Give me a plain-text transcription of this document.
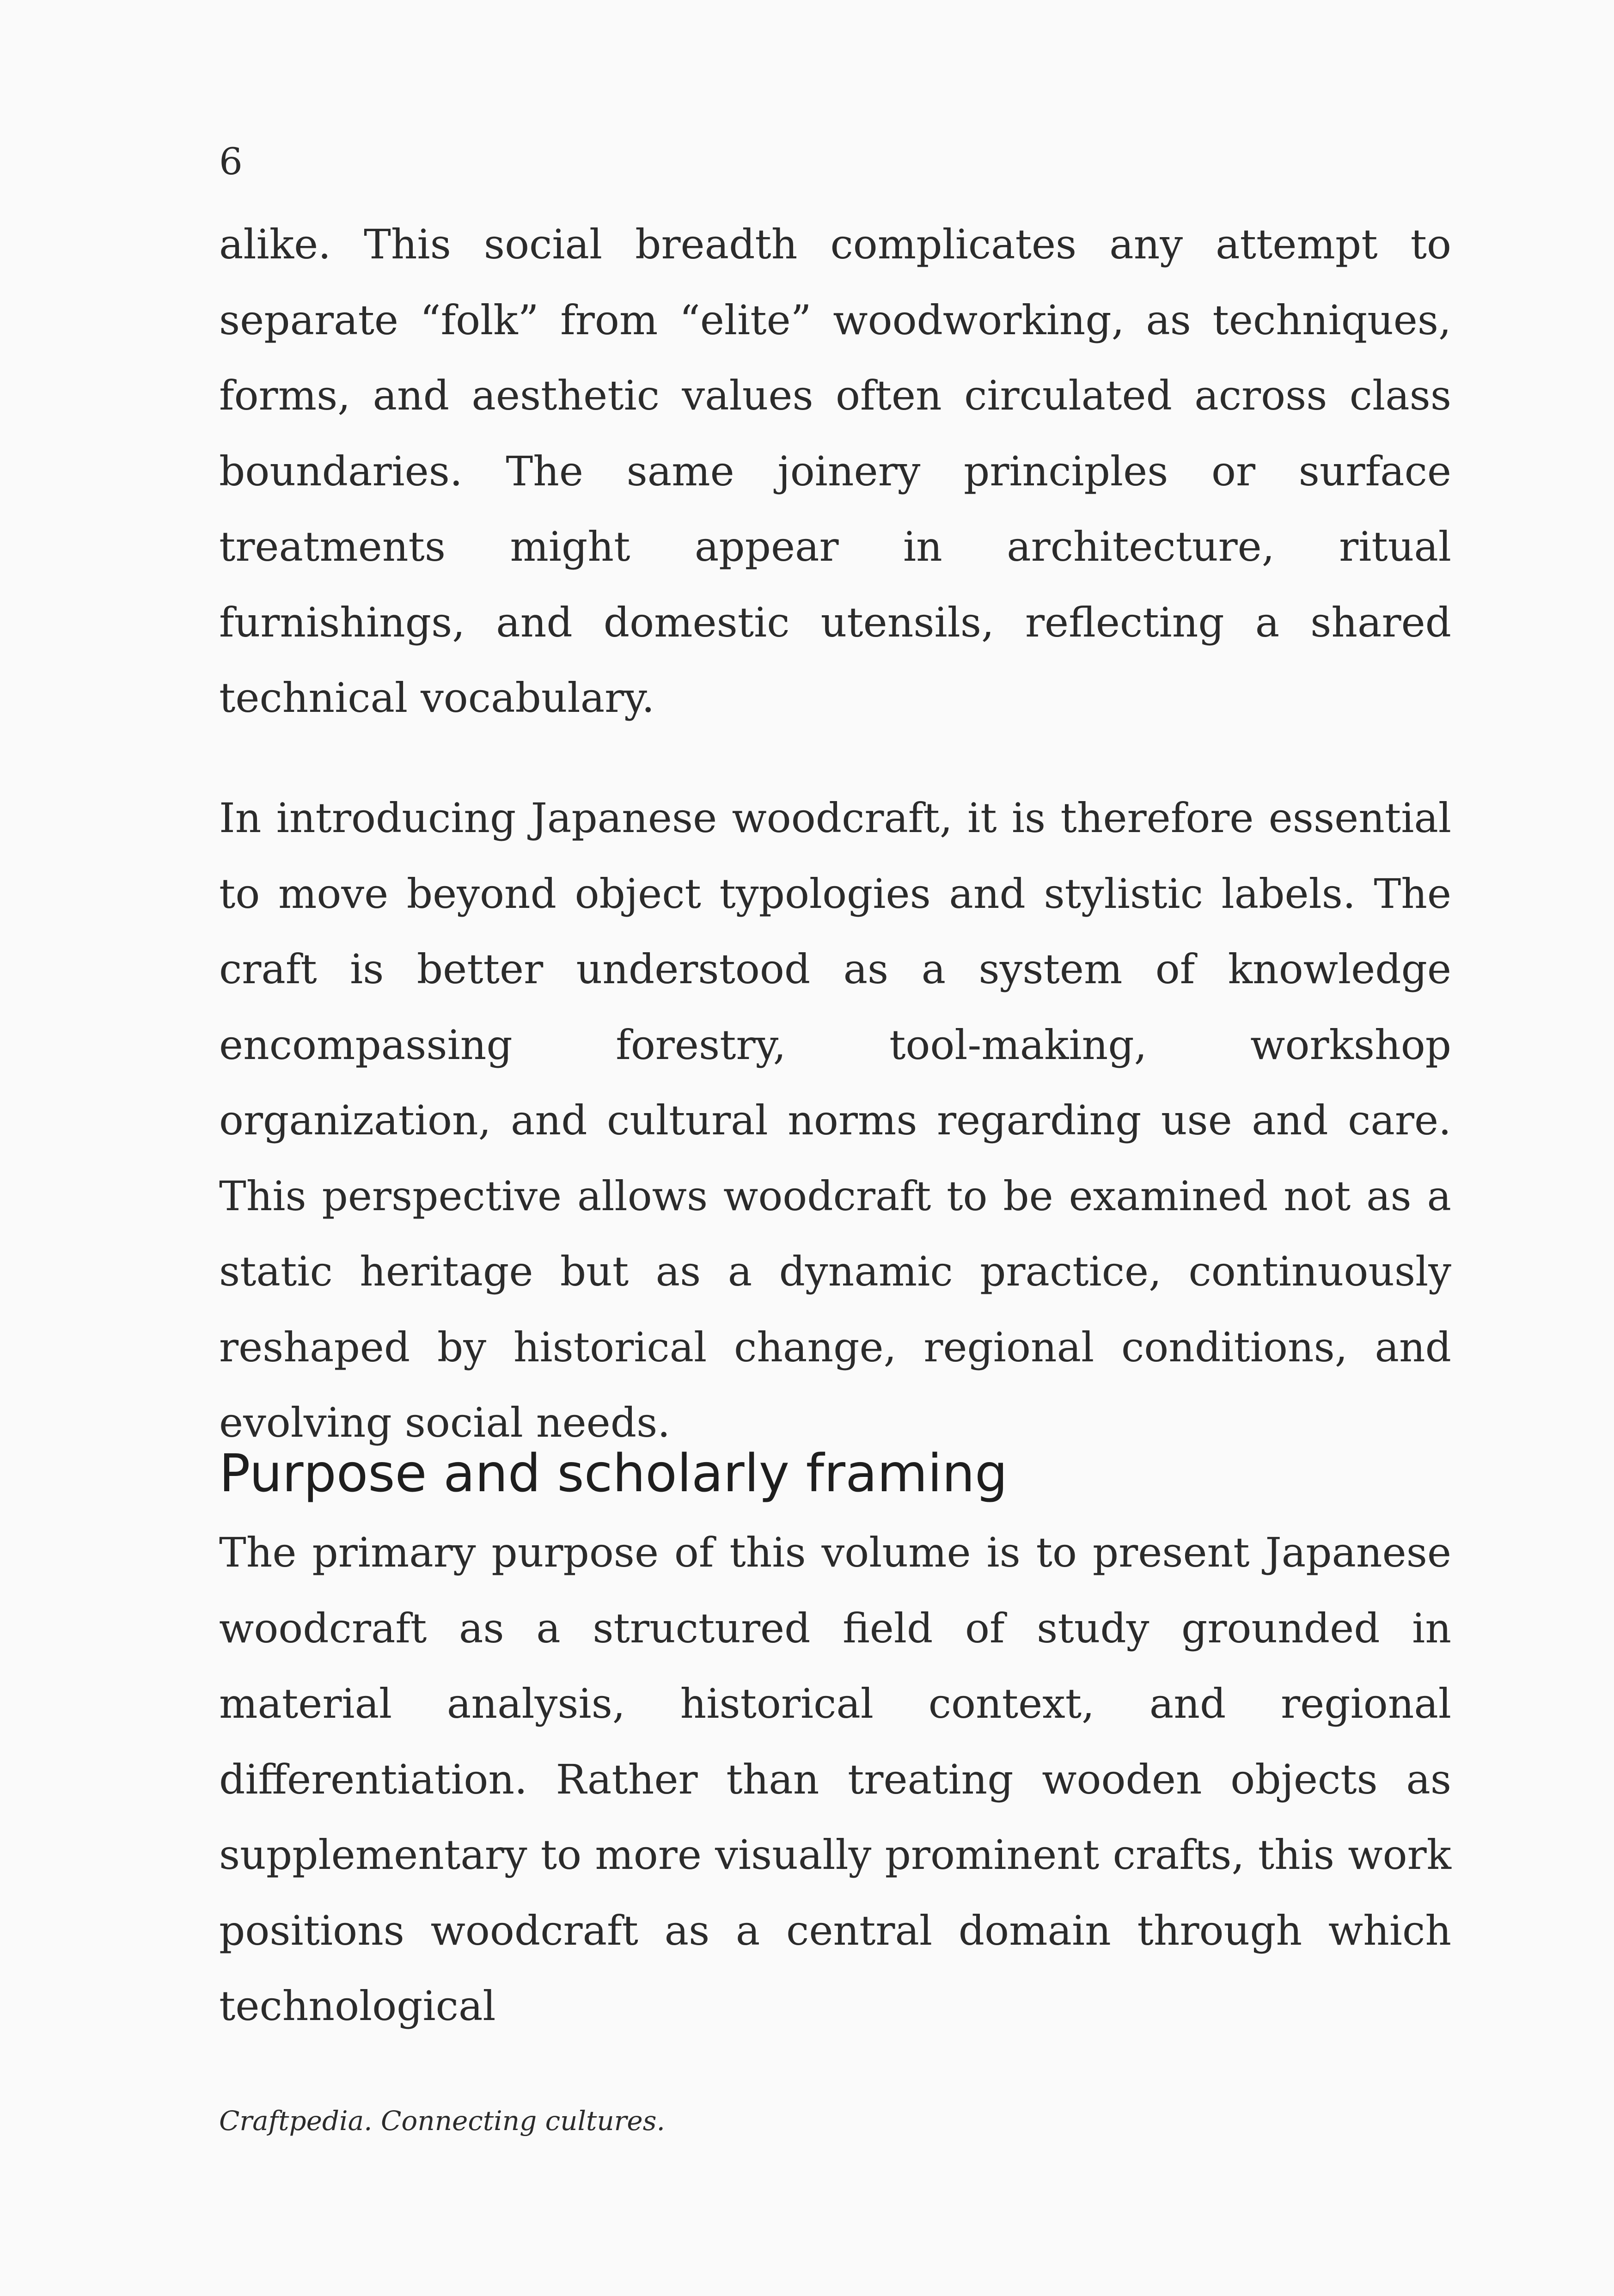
6

alike. This social breadth complicates any attempt to separate “folk” from “elite” woodworking, as techniques, forms, and aesthetic values often circulated across class boundaries. The same joinery principles or surface treatments might appear in architecture, ritual furnishings, and domestic utensils, reflecting a shared technical vocabulary.

In introducing Japanese woodcraft, it is therefore essential to move beyond object typologies and stylistic labels. The craft is better understood as a system of knowledge encompassing forestry, tool-making, workshop organization, and cultural norms regarding use and care. This perspective allows woodcraft to be examined not as a static heritage but as a dynamic practice, continuously reshaped by historical change, regional conditions, and evolving social needs.

Purpose and scholarly framing

The primary purpose of this volume is to present Japanese woodcraft as a structured field of study grounded in material analysis, historical context, and regional differentiation. Rather than treating wooden objects as supplementary to more visually prominent crafts, this work positions woodcraft as a central domain through which technological

Craftpedia. Connecting cultures.
